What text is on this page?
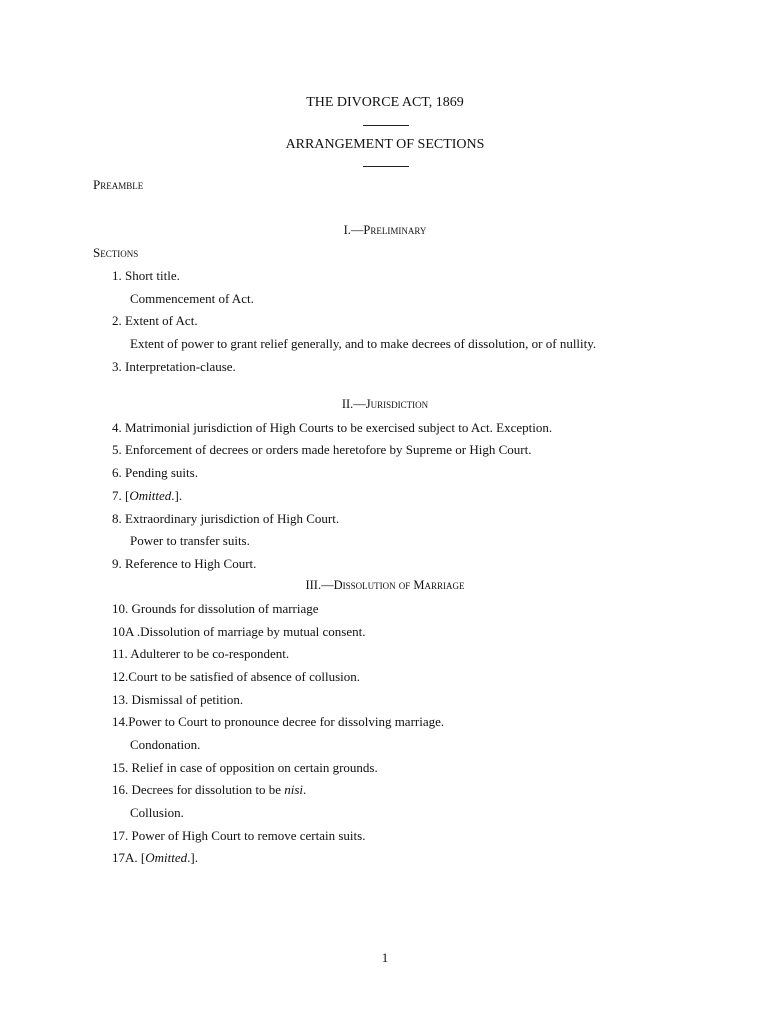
THE DIVORCE ACT, 1869
ARRANGEMENT OF SECTIONS
Preamble
I.—Preliminary
Sections
1. Short title.
Commencement of Act.
2. Extent of Act.
Extent of power to grant relief generally, and to make decrees of dissolution, or of nullity.
3. Interpretation-clause.
II.—Jurisdiction
4. Matrimonial jurisdiction of High Courts to be exercised subject to Act. Exception.
5. Enforcement of decrees or orders made heretofore by Supreme or High Court.
6. Pending suits.
7. [Omitted.].
8. Extraordinary jurisdiction of High Court.
Power to transfer suits.
9. Reference to High Court.
III.—Dissolution of Marriage
10. Grounds for dissolution of marriage
10A .Dissolution of marriage by mutual consent.
11. Adulterer to be co-respondent.
12.Court to be satisfied of absence of collusion.
13. Dismissal of petition.
14.Power to Court to pronounce decree for dissolving marriage.
Condonation.
15. Relief in case of opposition on certain grounds.
16. Decrees for dissolution to be nisi.
Collusion.
17. Power of High Court to remove certain suits.
17A. [Omitted.].
1
